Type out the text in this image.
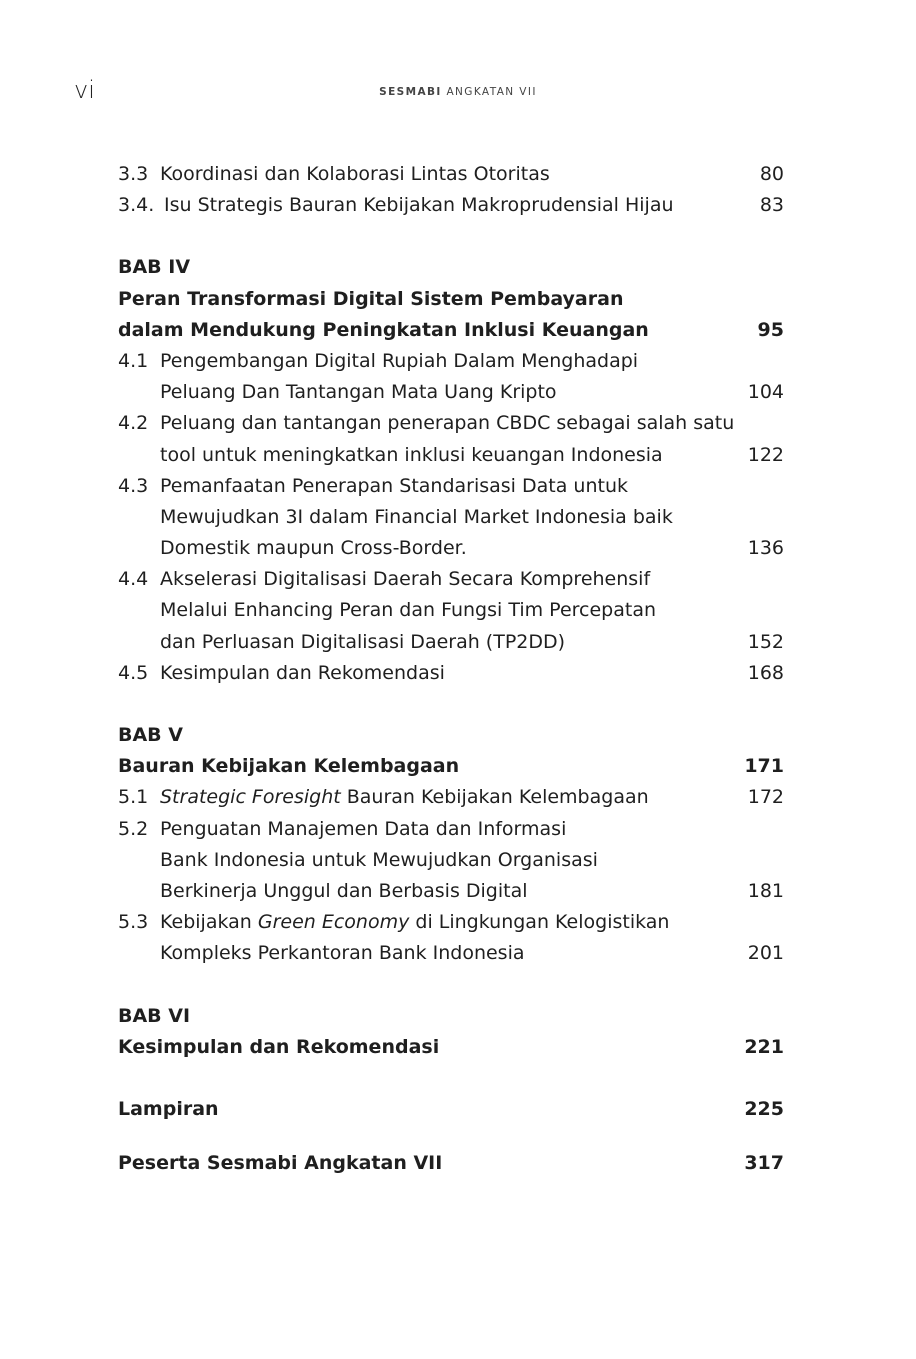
vi	SESMABI ANGKATAN VII
3.3 Koordinasi dan Kolaborasi Lintas Otoritas	80
3.4. Isu Strategis Bauran Kebijakan Makroprudensial Hijau	83
BAB IV
Peran Transformasi Digital Sistem Pembayaran
dalam Mendukung Peningkatan Inklusi Keuangan	95
4.1 Pengembangan Digital Rupiah Dalam Menghadapi
Peluang Dan Tantangan Mata Uang Kripto	104
4.2 Peluang dan tantangan penerapan CBDC sebagai salah satu
tool untuk meningkatkan inklusi keuangan Indonesia	122
4.3 Pemanfaatan Penerapan Standarisasi Data untuk
Mewujudkan 3I dalam Financial Market Indonesia baik
Domestik maupun Cross-Border.	136
4.4 Akselerasi Digitalisasi Daerah Secara Komprehensif
Melalui Enhancing Peran dan Fungsi Tim Percepatan
dan Perluasan Digitalisasi Daerah (TP2DD)	152
4.5 Kesimpulan dan Rekomendasi	168
BAB V
Bauran Kebijakan Kelembagaan	171
5.1 Strategic Foresight Bauran Kebijakan Kelembagaan	172
5.2 Penguatan Manajemen Data dan Informasi
Bank Indonesia untuk Mewujudkan Organisasi
Berkinerja Unggul dan Berbasis Digital	181
5.3 Kebijakan Green Economy di Lingkungan Kelogistikan
Kompleks Perkantoran Bank Indonesia	201
BAB VI
Kesimpulan dan Rekomendasi	221
Lampiran	225
Peserta Sesmabi Angkatan VII	317
